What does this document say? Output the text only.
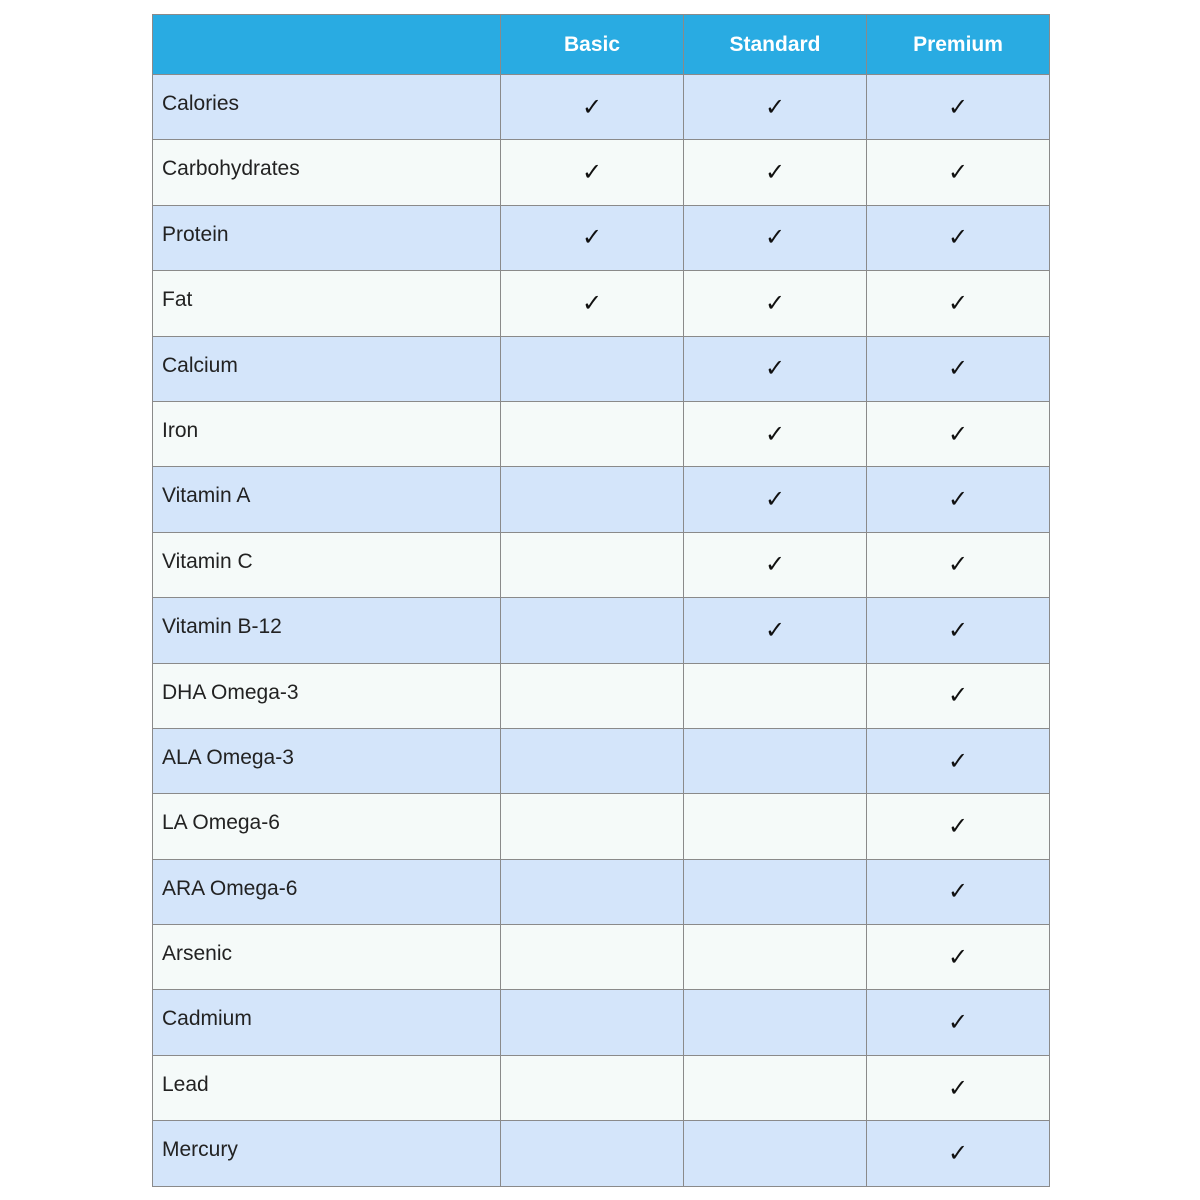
	Basic	Standard	Premium
Calories	✓	✓	✓
Carbohydrates	✓	✓	✓
Protein	✓	✓	✓
Fat	✓	✓	✓
Calcium		✓	✓
Iron		✓	✓
Vitamin A		✓	✓
Vitamin C		✓	✓
Vitamin B-12		✓	✓
DHA Omega-3			✓
ALA Omega-3			✓
LA Omega-6			✓
ARA Omega-6			✓
Arsenic			✓
Cadmium			✓
Lead			✓
Mercury			✓
